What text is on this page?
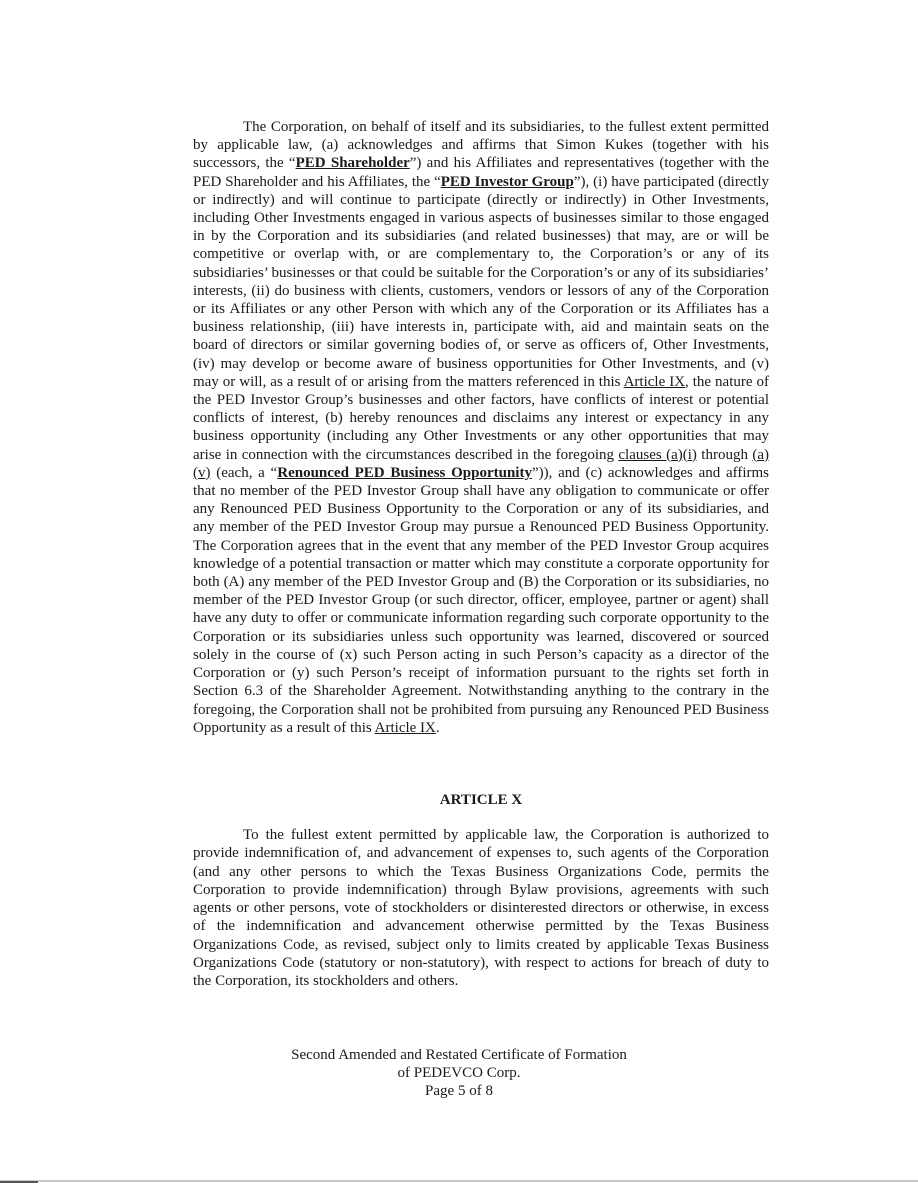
The Corporation, on behalf of itself and its subsidiaries, to the fullest extent permitted by applicable law, (a) acknowledges and affirms that Simon Kukes (together with his successors, the “PED Shareholder”) and his Affiliates and representatives (together with the PED Shareholder and his Affiliates, the “PED Investor Group”), (i) have participated (directly or indirectly) and will continue to participate (directly or indirectly) in Other Investments, including Other Investments engaged in various aspects of businesses similar to those engaged in by the Corporation and its subsidiaries (and related businesses) that may, are or will be competitive or overlap with, or are complementary to, the Corporation’s or any of its subsidiaries’ businesses or that could be suitable for the Corporation’s or any of its subsidiaries’ interests, (ii) do business with clients, customers, vendors or lessors of any of the Corporation or its Affiliates or any other Person with which any of the Corporation or its Affiliates has a business relationship, (iii) have interests in, participate with, aid and maintain seats on the board of directors or similar governing bodies of, or serve as officers of, Other Investments, (iv) may develop or become aware of business opportunities for Other Investments, and (v) may or will, as a result of or arising from the matters referenced in this Article IX, the nature of the PED Investor Group’s businesses and other factors, have conflicts of interest or potential conflicts of interest, (b) hereby renounces and disclaims any interest or expectancy in any business opportunity (including any Other Investments or any other opportunities that may arise in connection with the circumstances described in the foregoing clauses (a)(i) through (a)(v) (each, a “Renounced PED Business Opportunity”)), and (c) acknowledges and affirms that no member of the PED Investor Group shall have any obligation to communicate or offer any Renounced PED Business Opportunity to the Corporation or any of its subsidiaries, and any member of the PED Investor Group may pursue a Renounced PED Business Opportunity. The Corporation agrees that in the event that any member of the PED Investor Group acquires knowledge of a potential transaction or matter which may constitute a corporate opportunity for both (A) any member of the PED Investor Group and (B) the Corporation or its subsidiaries, no member of the PED Investor Group (or such director, officer, employee, partner or agent) shall have any duty to offer or communicate information regarding such corporate opportunity to the Corporation or its subsidiaries unless such opportunity was learned, discovered or sourced solely in the course of (x) such Person acting in such Person’s capacity as a director of the Corporation or (y) such Person’s receipt of information pursuant to the rights set forth in Section 6.3 of the Shareholder Agreement. Notwithstanding anything to the contrary in the foregoing, the Corporation shall not be prohibited from pursuing any Renounced PED Business Opportunity as a result of this Article IX.

ARTICLE X

To the fullest extent permitted by applicable law, the Corporation is authorized to provide indemnification of, and advancement of expenses to, such agents of the Corporation (and any other persons to which the Texas Business Organizations Code, permits the Corporation to provide indemnification) through Bylaw provisions, agreements with such agents or other persons, vote of stockholders or disinterested directors or otherwise, in excess of the indemnification and advancement otherwise permitted by the Texas Business Organizations Code, as revised, subject only to limits created by applicable Texas Business Organizations Code (statutory or non-statutory), with respect to actions for breach of duty to the Corporation, its stockholders and others.

Second Amended and Restated Certificate of Formation
of PEDEVCO Corp.
Page 5 of 8
